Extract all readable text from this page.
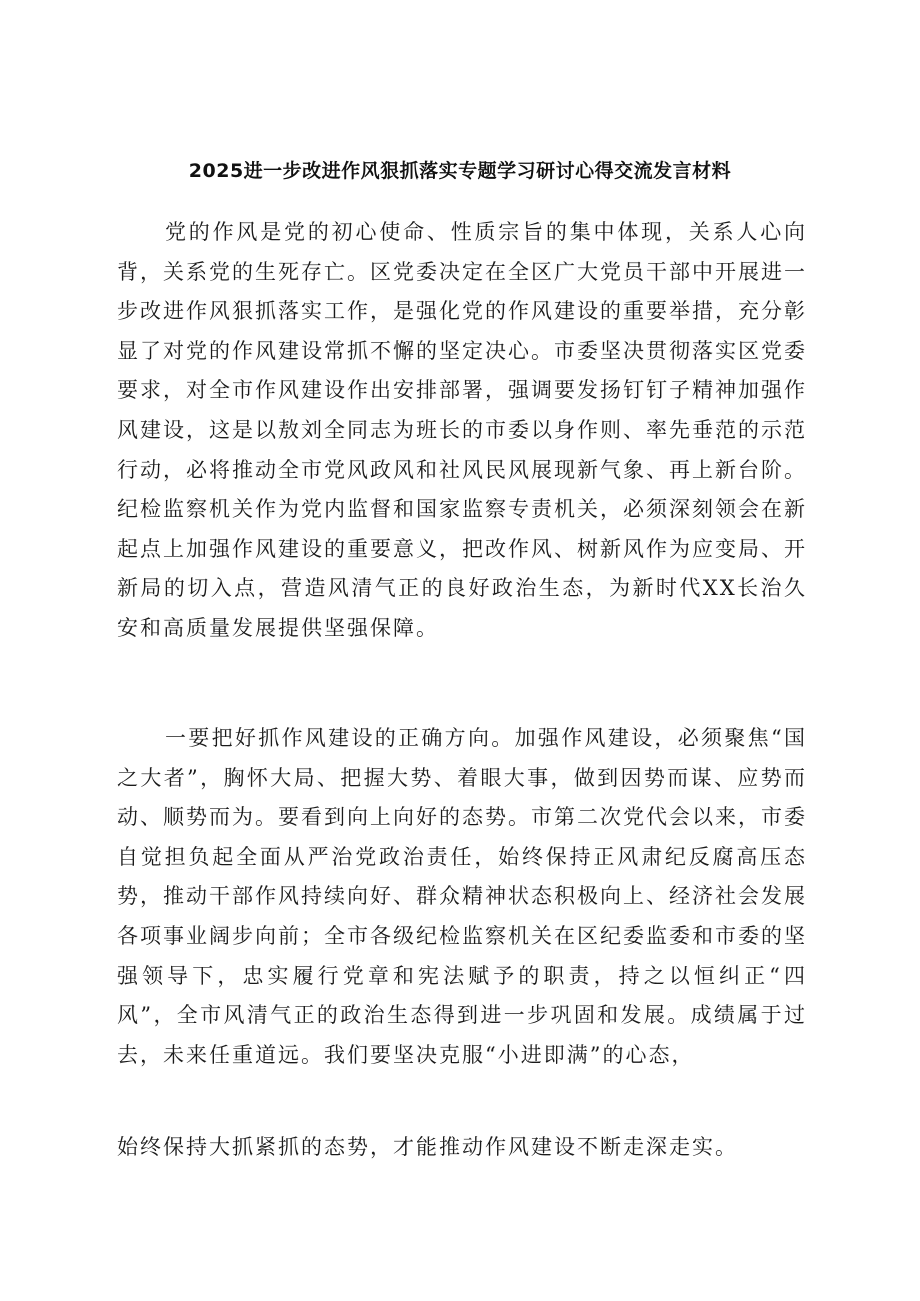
2025进一步改进作风狠抓落实专题学习研讨心得交流发言材料

党的作风是党的初心使命、性质宗旨的集中体现，关系人心向背，关系党的生死存亡。区党委决定在全区广大党员干部中开展进一步改进作风狠抓落实工作，是强化党的作风建设的重要举措，充分彰显了对党的作风建设常抓不懈的坚定决心。市委坚决贯彻落实区党委要求，对全市作风建设作出安排部署，强调要发扬钉钉子精神加强作风建设，这是以敖刘全同志为班长的市委以身作则、率先垂范的示范行动，必将推动全市党风政风和社风民风展现新气象、再上新台阶。纪检监察机关作为党内监督和国家监察专责机关，必须深刻领会在新起点上加强作风建设的重要意义，把改作风、树新风作为应变局、开新局的切入点，营造风清气正的良好政治生态，为新时代XX长治久安和高质量发展提供坚强保障。

一要把好抓作风建设的正确方向。加强作风建设，必须聚焦“国之大者”，胸怀大局、把握大势、着眼大事，做到因势而谋、应势而动、顺势而为。要看到向上向好的态势。市第二次党代会以来，市委自觉担负起全面从严治党政治责任，始终保持正风肃纪反腐高压态势，推动干部作风持续向好、群众精神状态积极向上、经济社会发展各项事业阔步向前；全市各级纪检监察机关在区纪委监委和市委的坚强领导下，忠实履行党章和宪法赋予的职责，持之以恒纠正“四风”，全市风清气正的政治生态得到进一步巩固和发展。成绩属于过去，未来任重道远。我们要坚决克服“小进即满”的心态，

始终保持大抓紧抓的态势，才能推动作风建设不断走深走实。
